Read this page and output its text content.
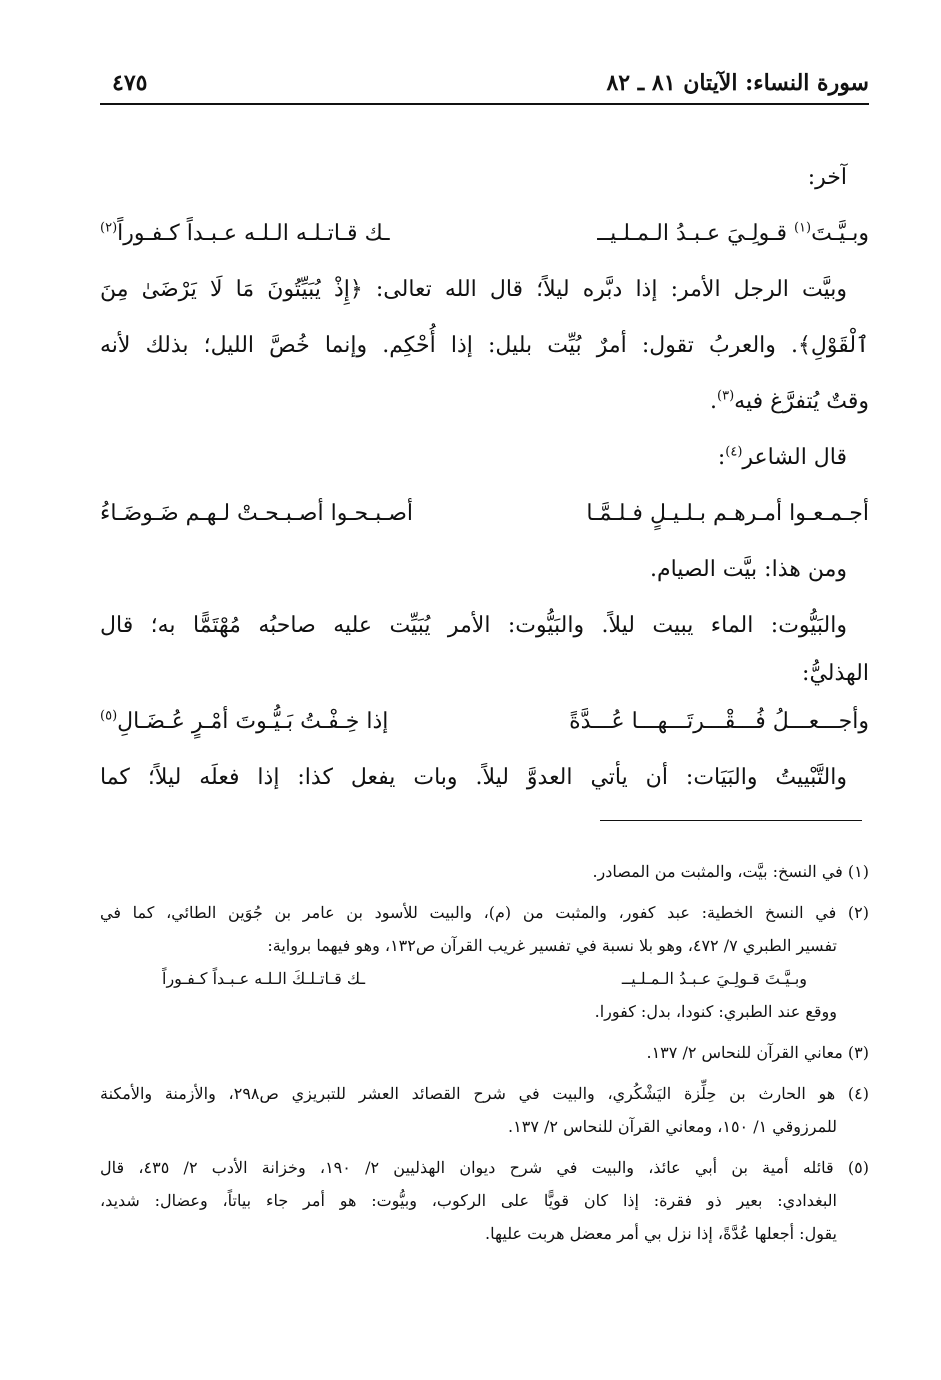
سورة النساء: الآيتان ٨١ ـ ٨٢
٤٧٥
آخر:
وبـيَّـتَ$^{(١)}$ قـولِـيَ عـبـدُ الـمـلـيــ
ـك قـاتـلـه الـلـه عـبـداً كـفـوراً$^{(٢)}$
وبيَّت الرجل الأمر: إذا دبَّره ليلاً؛ قال الله تعالى: ﴿إِذْ يُبَيِّتُونَ مَا لَا يَرْضَىٰ مِنَ
ٱلْقَوْلِ﴾. والعربُ تقول: أمرٌ بُيِّت بليل: إذا أُحْكِم. وإنما خُصَّ الليل؛ بذلك لأنه
وقتٌ يُتفرَّغ فيه$^{(٣)}$.
قال الشاعر$^{(٤)}$:
أجـمـعـوا أمـرهـم بـلـيـلٍ فـلـمَّـا
أصـبـحـوا أصـبـحـتْ لـهـم ضَـوضَـاءُ
ومن هذا: بيَّت الصيام.
والبَيُّوت: الماء يبيت ليلاً. والبَيُّوت: الأمر يُبَيِّت عليه صاحبُه مُهْتَمًّا به؛ قال
الهذليُّ:
وأجـــعـــلُ فُـــقْـــرتَـــهـــا عُـــدَّةً
إذا خِـفْـتُ بَـيُّـوتَ أمْـرٍ عُـضَـالِ$^{(٥)}$
والتَّبْييتُ والبَيَات: أن يأتي العدوَّ ليلاً. وبات يفعل كذا: إذا فعلَه ليلاً؛ كما
(١) في النسخ: بيَّت، والمثبت من المصادر.
(٢) في النسخ الخطية: عبد كفور، والمثبت من (م)، والبيت للأسود بن عامر بن جُوَين الطائي، كما في
تفسير الطبري ٧/ ٤٧٢، وهو بلا نسبة في تفسير غريب القرآن ص١٣٢، وهو فيهما برواية:
وبـيَّـتَ قـولِـيَ عـبـدُ الـمـلـيــ
ـك قـاتـلـكَ الـلـه عـبـداً كـفـوراً
ووقع عند الطبري: كنودا، بدل: كفورا.
(٣) معاني القرآن للنحاس ٢/ ١٣٧.
(٤) هو الحارث بن حِلِّزة اليَشْكُري، والبيت في شرح القصائد العشر للتبريزي ص٢٩٨، والأزمنة والأمكنة
للمرزوقي ١/ ١٥٠، ومعاني القرآن للنحاس ٢/ ١٣٧.
(٥) قائله أمية بن أبي عائذ، والبيت في شرح ديوان الهذليين ٢/ ١٩٠، وخزانة الأدب ٢/ ٤٣٥، قال
البغدادي: بعير ذو فقرة: إذا كان قويًّا على الركوب، وبيُّوت: هو أمر جاء بياتاً، وعضال: شديد،
يقول: أجعلها عُدَّةً، إذا نزل بي أمر معضل هربت عليها.
